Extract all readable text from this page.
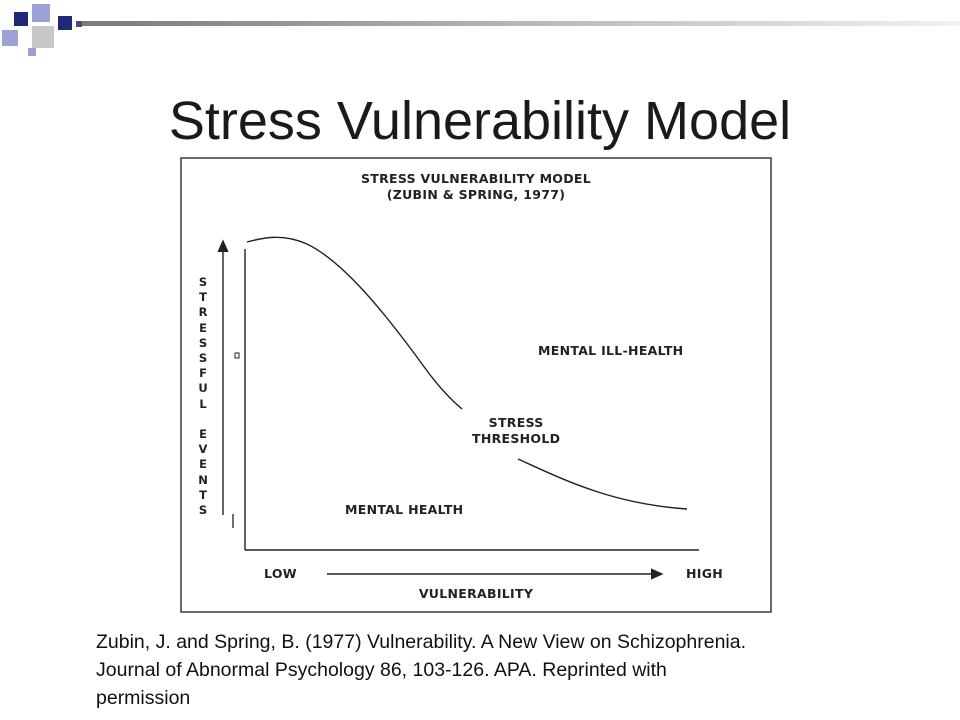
Stress Vulnerability Model
STRESS VULNERABILITY MODEL
(ZUBIN & SPRING, 1977)
S
T
R
E
S
S
F
U
L
E
V
E
N
T
S
MENTAL ILL-HEALTH
STRESS
THRESHOLD
MENTAL HEALTH
LOW	HIGH
VULNERABILITY
Zubin, J. and Spring, B. (1977) Vulnerability. A New View on Schizophrenia.
Journal of Abnormal Psychology 86, 103-126. APA. Reprinted with
permission
